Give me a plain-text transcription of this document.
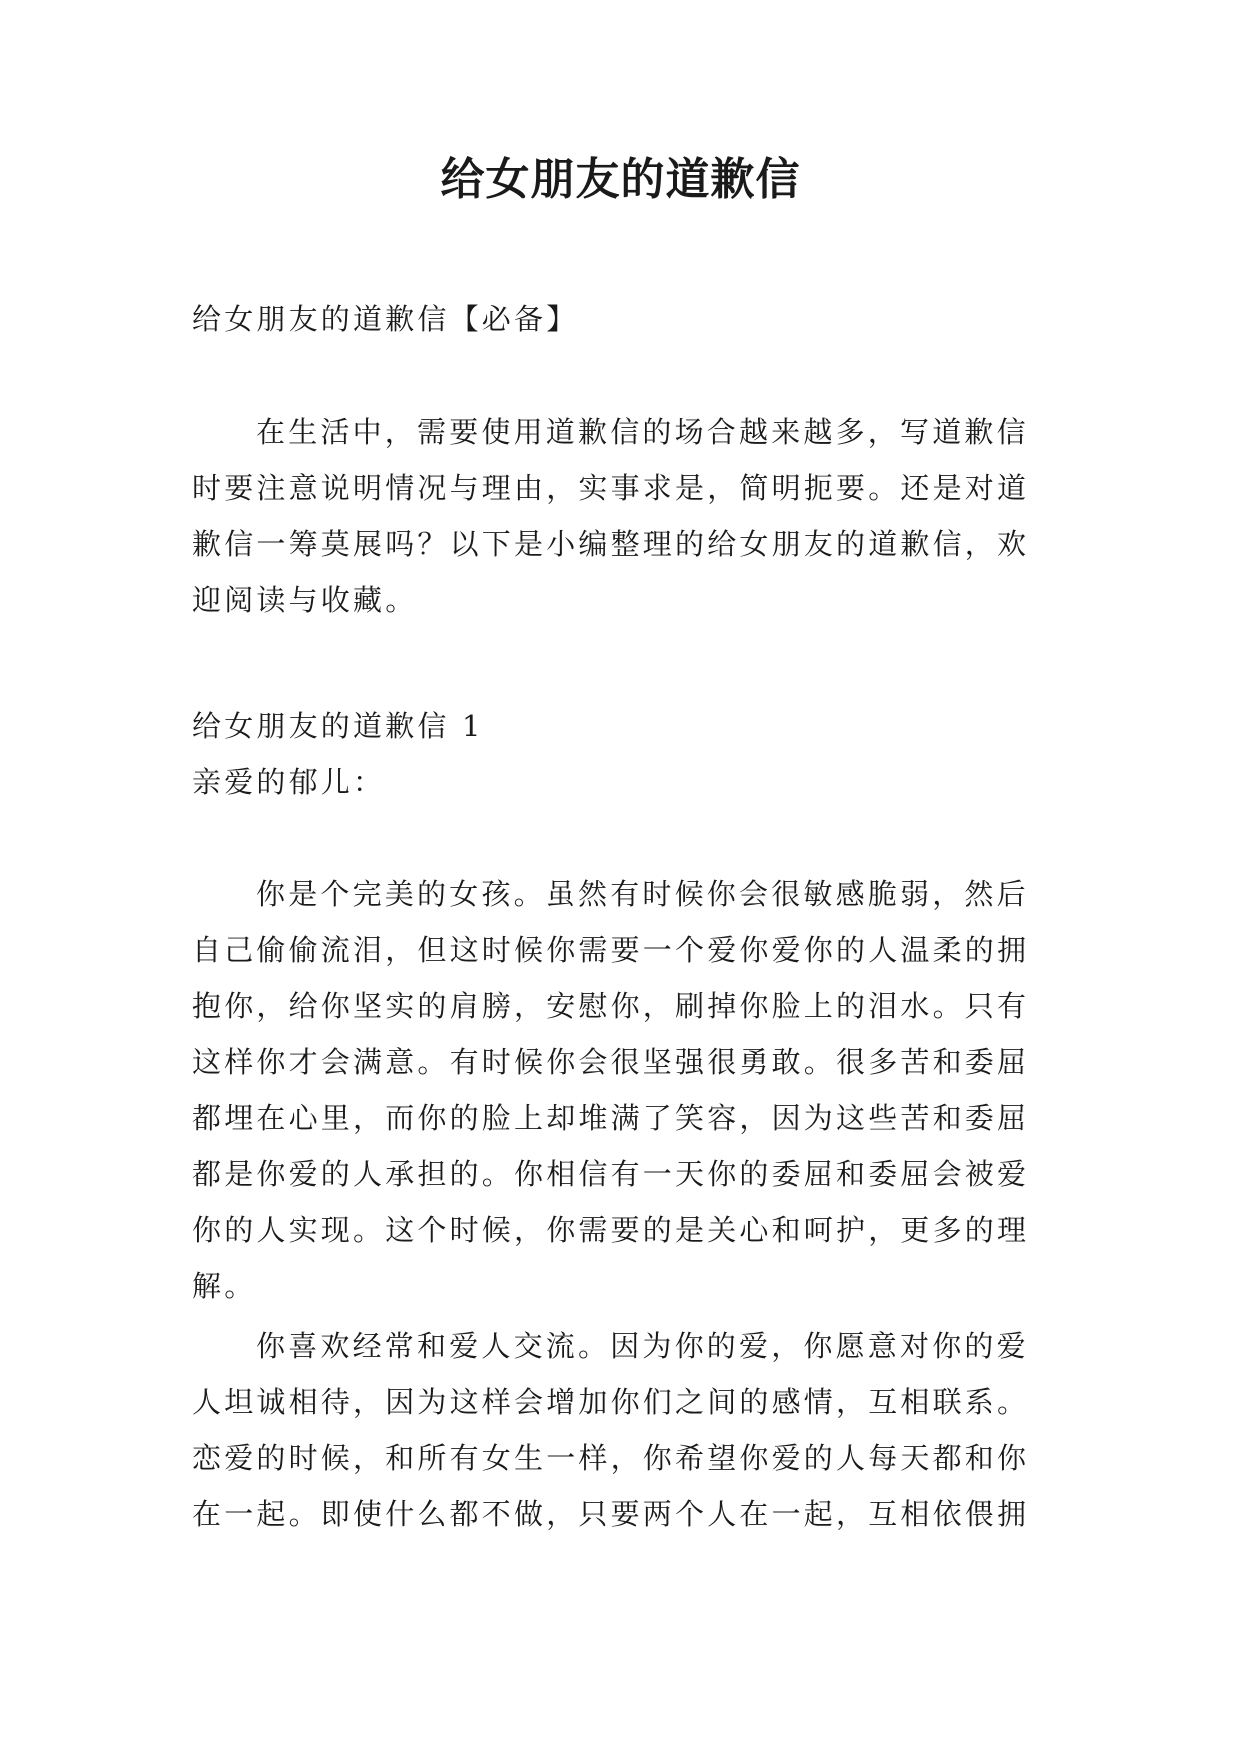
给女朋友的道歉信
给女朋友的道歉信【必备】
在生活中，需要使用道歉信的场合越来越多，写道歉信
时要注意说明情况与理由，实事求是，简明扼要。还是对道
歉信一筹莫展吗？以下是小编整理的给女朋友的道歉信，欢
迎阅读与收藏。
给女朋友的道歉信 1
亲爱的郁儿：
你是个完美的女孩。虽然有时候你会很敏感脆弱，然后
自己偷偷流泪，但这时候你需要一个爱你爱你的人温柔的拥
抱你，给你坚实的肩膀，安慰你，刷掉你脸上的泪水。只有
这样你才会满意。有时候你会很坚强很勇敢。很多苦和委屈
都埋在心里，而你的脸上却堆满了笑容，因为这些苦和委屈
都是你爱的人承担的。你相信有一天你的委屈和委屈会被爱
你的人实现。这个时候，你需要的是关心和呵护，更多的理
解。
你喜欢经常和爱人交流。因为你的爱，你愿意对你的爱
人坦诚相待，因为这样会增加你们之间的感情，互相联系。
恋爱的时候，和所有女生一样，你希望你爱的人每天都和你
在一起。即使什么都不做，只要两个人在一起，互相依偎拥
